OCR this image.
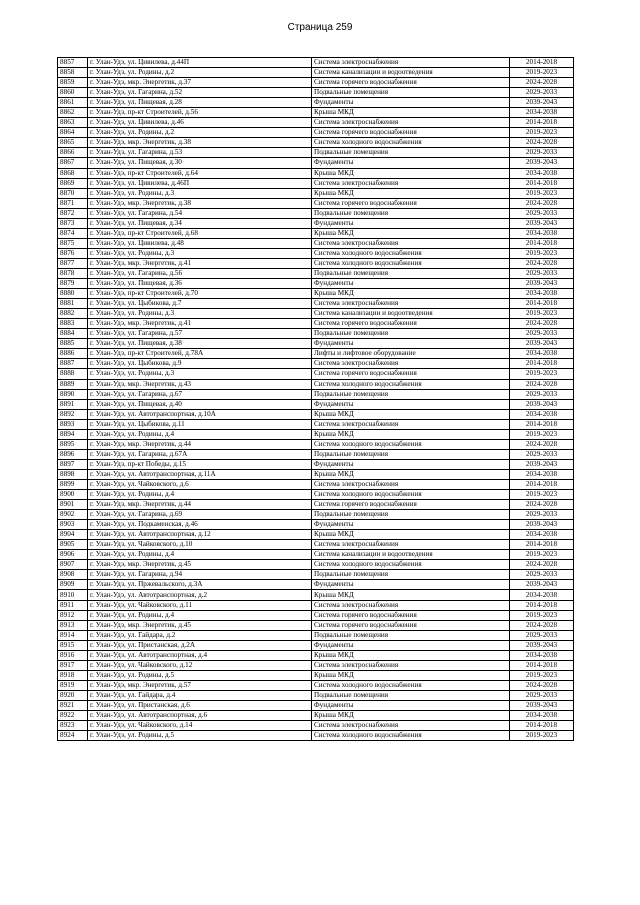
Страница 259
8857	г. Улан-Удэ, ул. Цивилева, д.44П	Система электроснабжения	2014-2018
8858	г. Улан-Удэ, ул. Родины, д.2	Система канализации и водоотведения	2019-2023
8859	г. Улан-Удэ, мкр. Энергетик, д.37	Система горячего водоснабжения	2024-2028
8860	г. Улан-Удэ, ул. Гагарина, д.52	Подвальные помещения	2029-2033
8861	г. Улан-Удэ, ул. Пищевая, д.28	Фундаменты	2039-2043
8862	г. Улан-Удэ, пр-кт Строителей, д.56	Крыша МКД	2034-2038
8863	г. Улан-Удэ, ул. Цивилева, д.46	Система электроснабжения	2014-2018
8864	г. Улан-Удэ, ул. Родины, д.2	Система горячего водоснабжения	2019-2023
8865	г. Улан-Удэ, мкр. Энергетик, д.38	Система холодного водоснабжения	2024-2028
8866	г. Улан-Удэ, ул. Гагарина, д.53	Подвальные помещения	2029-2033
8867	г. Улан-Удэ, ул. Пищевая, д.30	Фундаменты	2039-2043
8868	г. Улан-Удэ, пр-кт Строителей, д.64	Крыша МКД	2034-2038
8869	г. Улан-Удэ, ул. Цивилева, д.46П	Система электроснабжения	2014-2018
8870	г. Улан-Удэ, ул. Родины, д.3	Крыша МКД	2019-2023
8871	г. Улан-Удэ, мкр. Энергетик, д.38	Система горячего водоснабжения	2024-2028
8872	г. Улан-Удэ, ул. Гагарина, д.54	Подвальные помещения	2029-2033
8873	г. Улан-Удэ, ул. Пищевая, д.34	Фундаменты	2039-2043
8874	г. Улан-Удэ, пр-кт Строителей, д.68	Крыша МКД	2034-2038
8875	г. Улан-Удэ, ул. Цивилева, д.48	Система электроснабжения	2014-2018
8876	г. Улан-Удэ, ул. Родины, д.3	Система холодного водоснабжения	2019-2023
8877	г. Улан-Удэ, мкр. Энергетик, д.41	Система холодного водоснабжения	2024-2028
8878	г. Улан-Удэ, ул. Гагарина, д.56	Подвальные помещения	2029-2033
8879	г. Улан-Удэ, ул. Пищевая, д.36	Фундаменты	2039-2043
8880	г. Улан-Удэ, пр-кт Строителей, д.70	Крыша МКД	2034-2038
8881	г. Улан-Удэ, ул. Цыбикова, д.7	Система электроснабжения	2014-2018
8882	г. Улан-Удэ, ул. Родины, д.3	Система канализации и водоотведения	2019-2023
8883	г. Улан-Удэ, мкр. Энергетик, д.41	Система горячего водоснабжения	2024-2028
8884	г. Улан-Удэ, ул. Гагарина, д.57	Подвальные помещения	2029-2033
8885	г. Улан-Удэ, ул. Пищевая, д.38	Фундаменты	2039-2043
8886	г. Улан-Удэ, пр-кт Строителей, д.78А	Лифты и лифтовое оборудование	2034-2038
8887	г. Улан-Удэ, ул. Цыбикова, д.9	Система электроснабжения	2014-2018
8888	г. Улан-Удэ, ул. Родины, д.3	Система горячего водоснабжения	2019-2023
8889	г. Улан-Удэ, мкр. Энергетик, д.43	Система холодного водоснабжения	2024-2028
8890	г. Улан-Удэ, ул. Гагарина, д.67	Подвальные помещения	2029-2033
8891	г. Улан-Удэ, ул. Пищевая, д.40	Фундаменты	2039-2043
8892	г. Улан-Удэ, ул. Автотранспортная, д.10А	Крыша МКД	2034-2038
8893	г. Улан-Удэ, ул. Цыбикова, д.11	Система электроснабжения	2014-2018
8894	г. Улан-Удэ, ул. Родины, д.4	Крыша МКД	2019-2023
8895	г. Улан-Удэ, мкр. Энергетик, д.44	Система холодного водоснабжения	2024-2028
8896	г. Улан-Удэ, ул. Гагарина, д.67А	Подвальные помещения	2029-2033
8897	г. Улан-Удэ, пр-кт Победы, д.15	Фундаменты	2039-2043
8898	г. Улан-Удэ, ул. Автотранспортная, д.11А	Крыша МКД	2034-2038
8899	г. Улан-Удэ, ул. Чайковского, д.6	Система электроснабжения	2014-2018
8900	г. Улан-Удэ, ул. Родины, д.4	Система холодного водоснабжения	2019-2023
8901	г. Улан-Удэ, мкр. Энергетик, д.44	Система горячего водоснабжения	2024-2028
8902	г. Улан-Удэ, ул. Гагарина, д.69	Подвальные помещения	2029-2033
8903	г. Улан-Удэ, ул. Подкаменская, д.46	Фундаменты	2039-2043
8904	г. Улан-Удэ, ул. Автотранспортная, д.12	Крыша МКД	2034-2038
8905	г. Улан-Удэ, ул. Чайковского, д.10	Система электроснабжения	2014-2018
8906	г. Улан-Удэ, ул. Родины, д.4	Система канализации и водоотведения	2019-2023
8907	г. Улан-Удэ, мкр. Энергетик, д.45	Система холодного водоснабжения	2024-2028
8908	г. Улан-Удэ, ул. Гагарина, д.94	Подвальные помещения	2029-2033
8909	г. Улан-Удэ, ул. Пржевальского, д.3А	Фундаменты	2039-2043
8910	г. Улан-Удэ, ул. Автотранспортная, д.2	Крыша МКД	2034-2038
8911	г. Улан-Удэ, ул. Чайковского, д.11	Система электроснабжения	2014-2018
8912	г. Улан-Удэ, ул. Родины, д.4	Система горячего водоснабжения	2019-2023
8913	г. Улан-Удэ, мкр. Энергетик, д.45	Система горячего водоснабжения	2024-2028
8914	г. Улан-Удэ, ул. Гайдара, д.2	Подвальные помещения	2029-2033
8915	г. Улан-Удэ, ул. Пристанская, д.2А	Фундаменты	2039-2043
8916	г. Улан-Удэ, ул. Автотранспортная, д.4	Крыша МКД	2034-2038
8917	г. Улан-Удэ, ул. Чайковского, д.12	Система электроснабжения	2014-2018
8918	г. Улан-Удэ, ул. Родины, д.5	Крыша МКД	2019-2023
8919	г. Улан-Удэ, мкр. Энергетик, д.57	Система холодного водоснабжения	2024-2028
8920	г. Улан-Удэ, ул. Гайдара, д.4	Подвальные помещения	2029-2033
8921	г. Улан-Удэ, ул. Пристанская, д.6	Фундаменты	2039-2043
8922	г. Улан-Удэ, ул. Автотранспортная, д.6	Крыша МКД	2034-2038
8923	г. Улан-Удэ, ул. Чайковского, д.14	Система электроснабжения	2014-2018
8924	г. Улан-Удэ, ул. Родины, д.5	Система холодного водоснабжения	2019-2023
